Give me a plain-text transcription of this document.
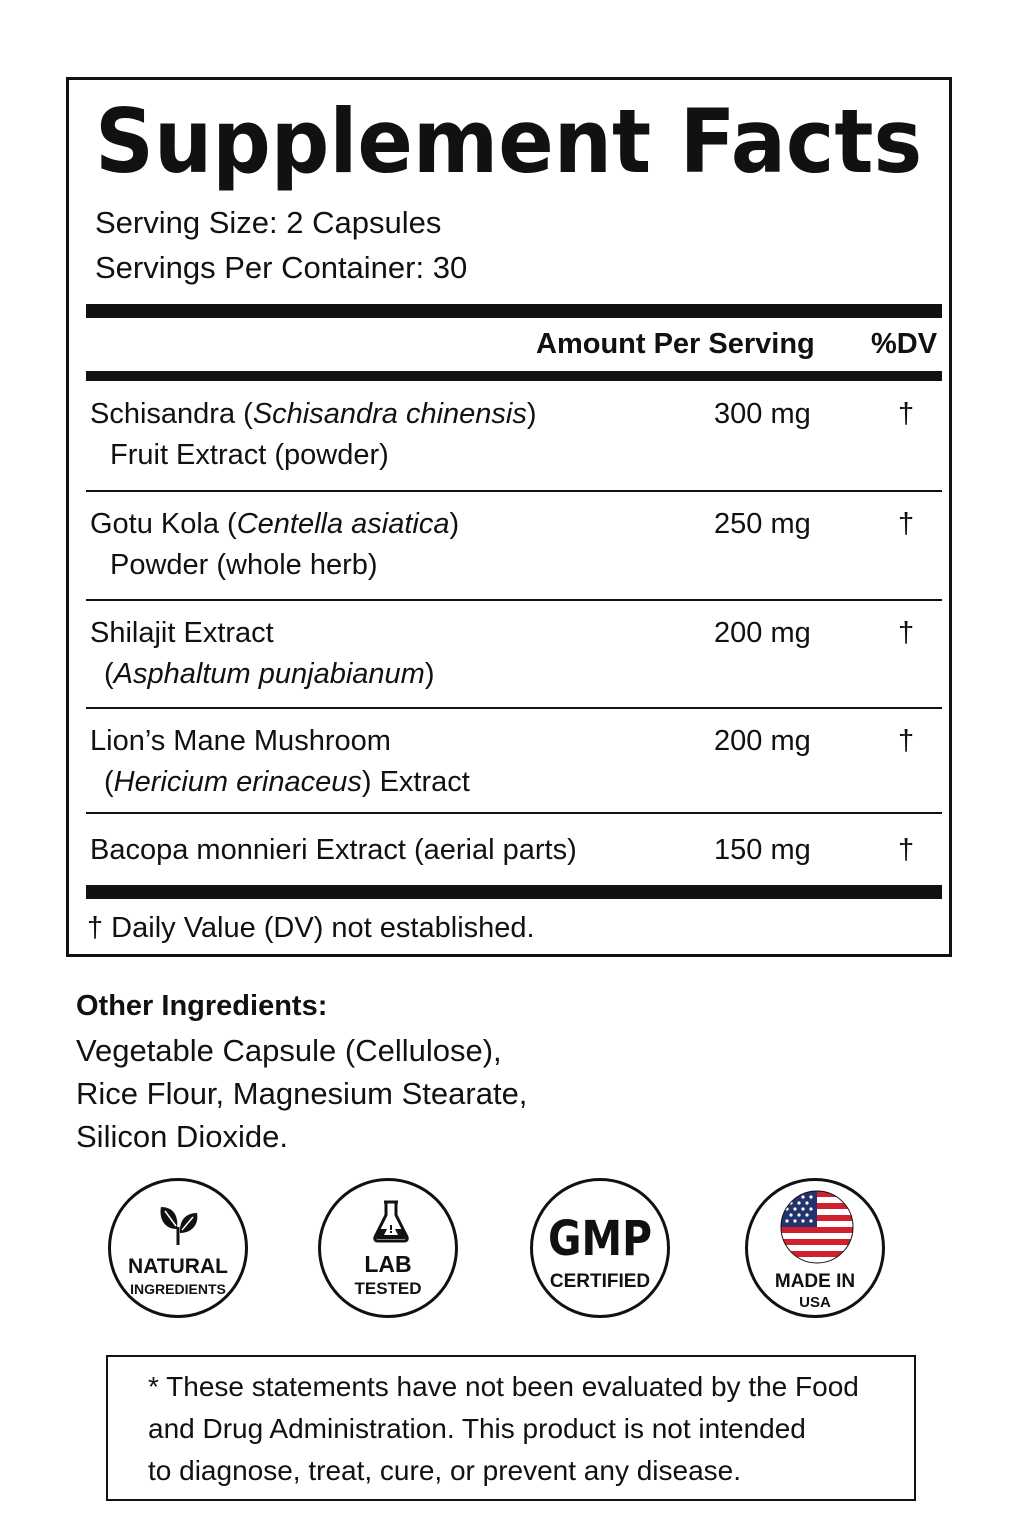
Supplement Facts
Serving Size: 2 Capsules
Servings Per Container: 30
Amount Per Serving %DV
Schisandra (Schisandra chinensis)
Fruit Extract (powder)
300 mg	†
Gotu Kola (Centella asiatica)
Powder (whole herb)
250 mg	†
Shilajit Extract
(Asphaltum punjabianum)
200 mg	†
Lion’s Mane Mushroom
(Hericium erinaceus) Extract
200 mg	†
Bacopa monnieri Extract (aerial parts)	150 mg	†
† Daily Value (DV) not established.
Other Ingredients:
Vegetable Capsule (Cellulose),
Rice Flour, Magnesium Stearate,
Silicon Dioxide.
NATURAL
INGREDIENTS
LAB
TESTED
GMP
CERTIFIED	MADE IN
USA
* These statements have not been evaluated by the Food
and Drug Administration. This product is not intended
to diagnose, treat, cure, or prevent any disease.
